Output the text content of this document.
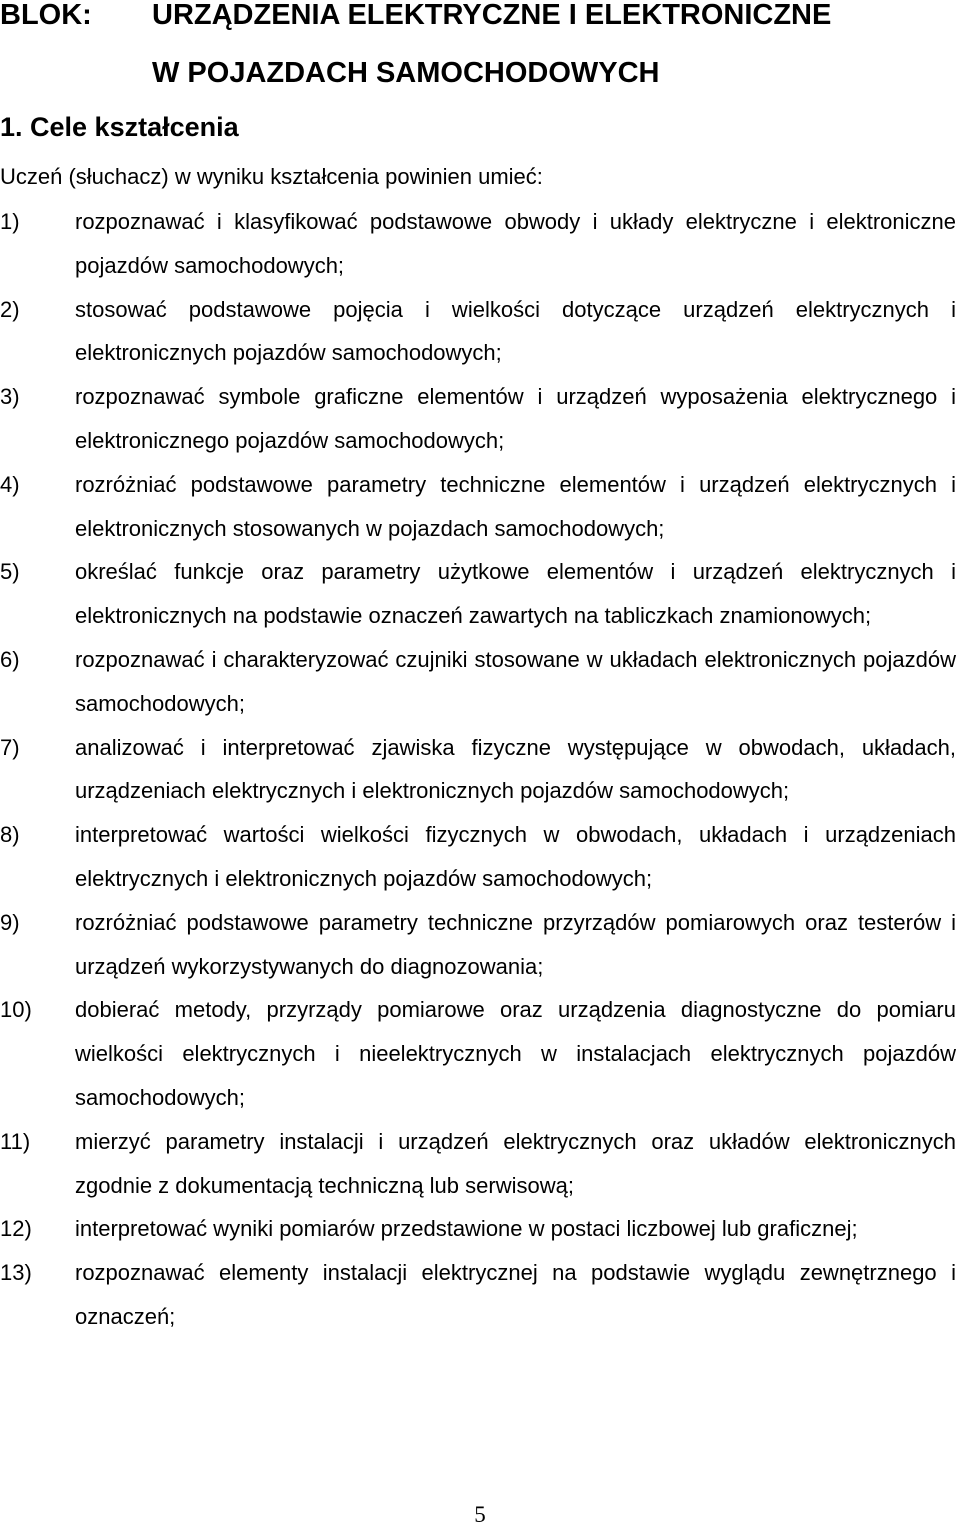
BLOK: URZĄDZENIA ELEKTRYCZNE I ELEKTRONICZNE
W POJAZDACH SAMOCHODOWYCH
1. Cele kształcenia
Uczeń (słuchacz) w wyniku kształcenia powinien umieć:
1)	rozpoznawać i klasyfikować podstawowe obwody i układy elektryczne i elektroniczne pojazdów samochodowych;
2)	stosować podstawowe pojęcia i wielkości dotyczące urządzeń elektrycznych i elektronicznych pojazdów samochodowych;
3)	rozpoznawać symbole graficzne elementów i urządzeń wyposażenia elektrycznego i elektronicznego pojazdów samochodowych;
4)	rozróżniać podstawowe parametry techniczne elementów i urządzeń elektrycznych i elektronicznych stosowanych w pojazdach samochodowych;
5)	określać funkcje oraz parametry użytkowe elementów i urządzeń elektrycznych i elektronicznych na podstawie oznaczeń zawartych na tabliczkach znamionowych;
6)	rozpoznawać i charakteryzować czujniki stosowane w układach elektronicznych pojazdów samochodowych;
7)	analizować i interpretować zjawiska fizyczne występujące w obwodach, układach, urządzeniach elektrycznych i elektronicznych pojazdów samochodowych;
8)	interpretować wartości wielkości fizycznych w obwodach, układach i urządzeniach elektrycznych i elektronicznych pojazdów samochodowych;
9)	rozróżniać podstawowe parametry techniczne przyrządów pomiarowych oraz testerów i urządzeń wykorzystywanych do diagnozowania;
10)	dobierać metody, przyrządy pomiarowe oraz urządzenia diagnostyczne do pomiaru wielkości elektrycznych i nieelektrycznych w instalacjach elektrycznych pojazdów samochodowych;
11)	mierzyć parametry instalacji i urządzeń elektrycznych oraz układów elektronicznych zgodnie z dokumentacją techniczną lub serwisową;
12)	interpretować wyniki pomiarów przedstawione w postaci liczbowej lub graficznej;
13)	rozpoznawać elementy instalacji elektrycznej na podstawie wyglądu zewnętrznego i oznaczeń;
5
